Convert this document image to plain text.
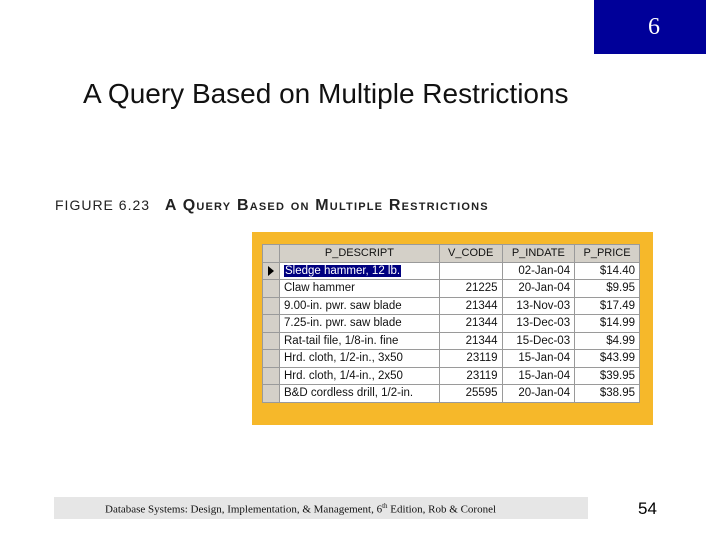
6
A Query Based on Multiple Restrictions
FIGURE 6.23 A Query Based on Multiple Restrictions
	P_DESCRIPT	V_CODE	P_INDATE	P_PRICE
	Sledge hammer, 12 lb.		02-Jan-04	$14.40
	Claw hammer	21225	20-Jan-04	$9.95
	9.00-in. pwr. saw blade	21344	13-Nov-03	$17.49
	7.25-in. pwr. saw blade	21344	13-Dec-03	$14.99
	Rat-tail file, 1/8-in. fine	21344	15-Dec-03	$4.99
	Hrd. cloth, 1/2-in., 3x50	23119	15-Jan-04	$43.99
	Hrd. cloth, 1/4-in., 2x50	23119	15-Jan-04	$39.95
	B&D cordless drill, 1/2-in.	25595	20-Jan-04	$38.95
Database Systems: Design, Implementation, & Management, 6th Edition, Rob & Coronel	54
